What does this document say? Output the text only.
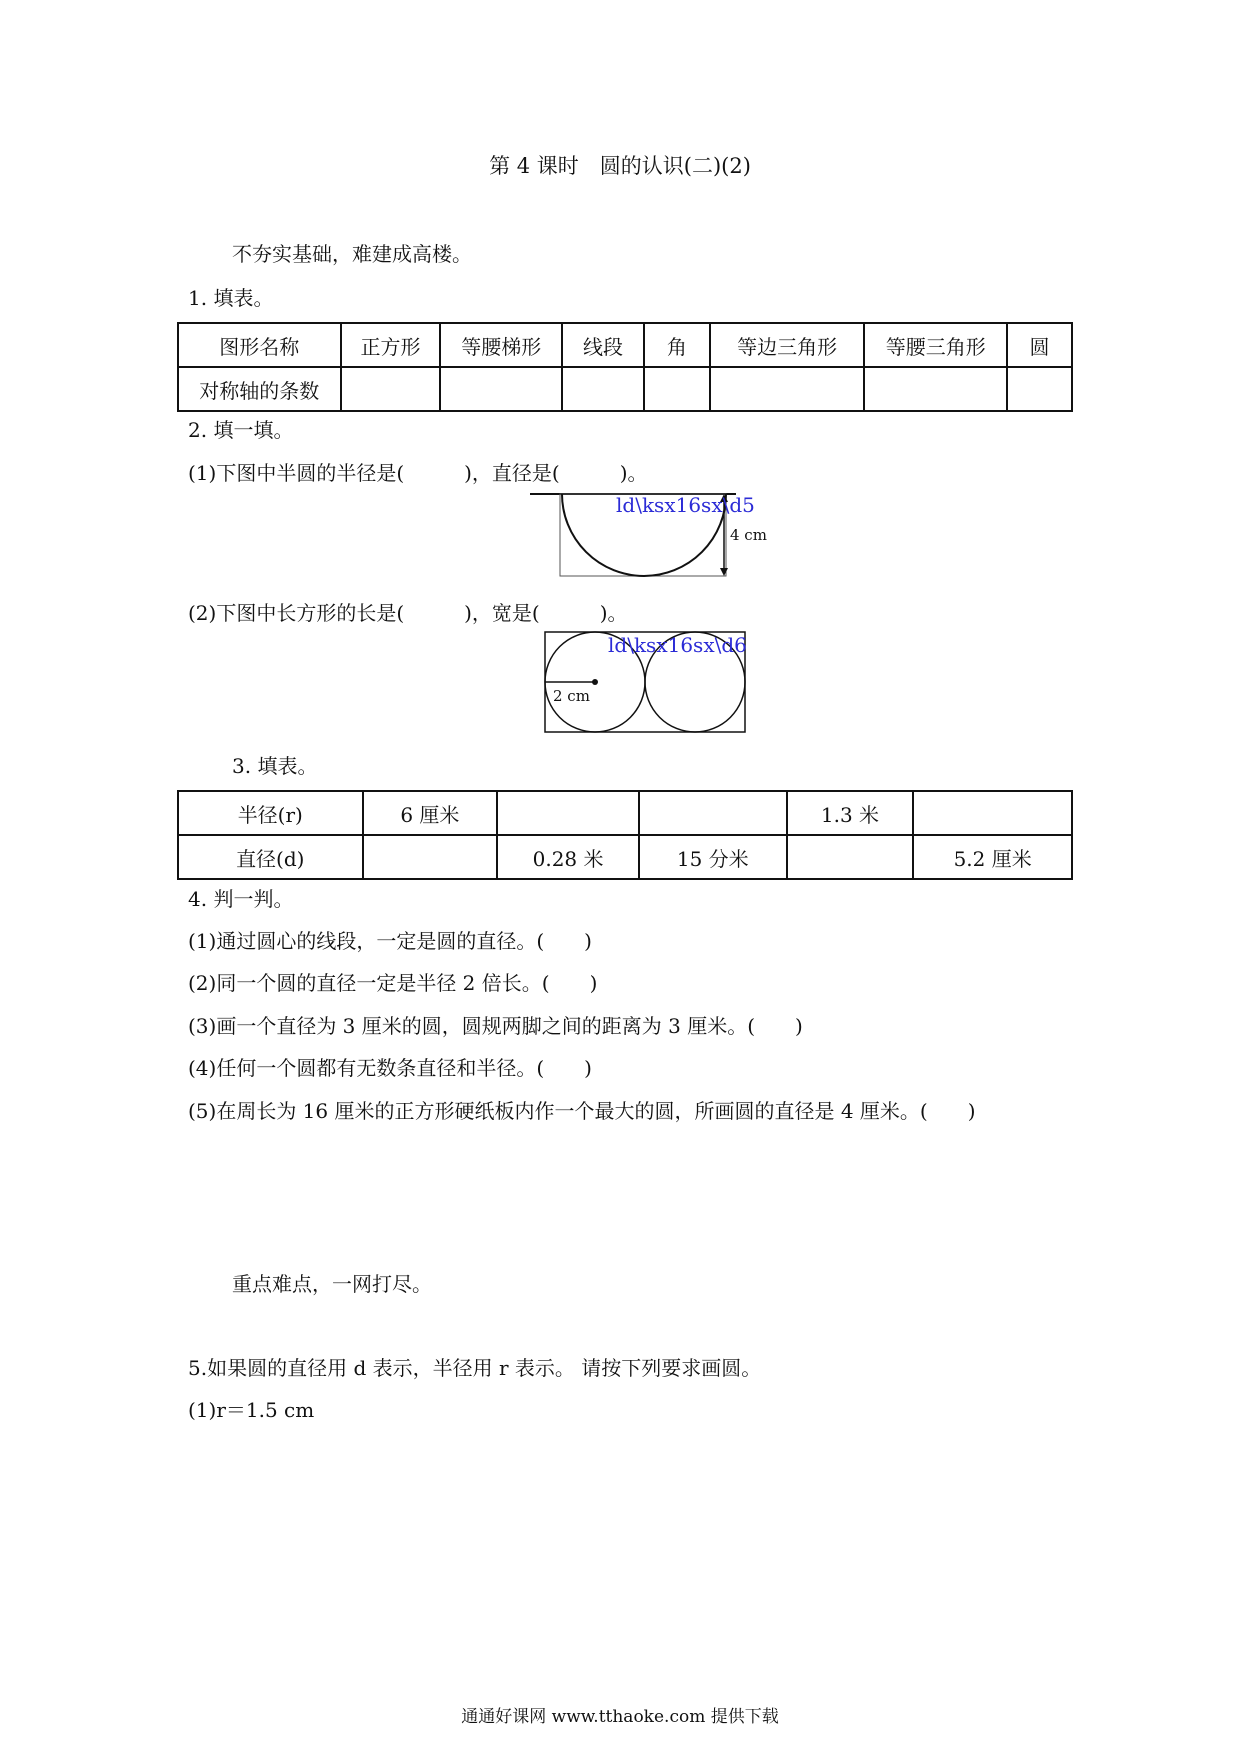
第 4 课时　圆的认识(二)(2)
不夯实基础，难建成高楼。
1. 填表。
图形名称	正方形	等腰梯形	线段	角	等边三角形	等腰三角形	圆
对称轴的条数							
2. 填一填。
(1)下图中半圆的半径是(　　　)，直径是(　　　)。
ld\ksx16sx\d5
4 cm
(2)下图中长方形的长是(　　　)，宽是(　　　)。
ld\ksx16sx\d6
2 cm
3. 填表。
半径(r)	6 厘米			1.3 米	
直径(d)		0.28 米	15 分米		5.2 厘米
4. 判一判。
(1)通过圆心的线段，一定是圆的直径。(　　)
(2)同一个圆的直径一定是半径 2 倍长。(　　)
(3)画一个直径为 3 厘米的圆，圆规两脚之间的距离为 3 厘米。(　　)
(4)任何一个圆都有无数条直径和半径。(　　)
(5)在周长为 16 厘米的正方形硬纸板内作一个最大的圆，所画圆的直径是 4 厘米。(　　)
重点难点，一网打尽。
5.如果圆的直径用 d 表示，半径用 r 表示。 请按下列要求画圆。
(1)r＝1.5 cm
通通好课网 www.tthaoke.com 提供下载
